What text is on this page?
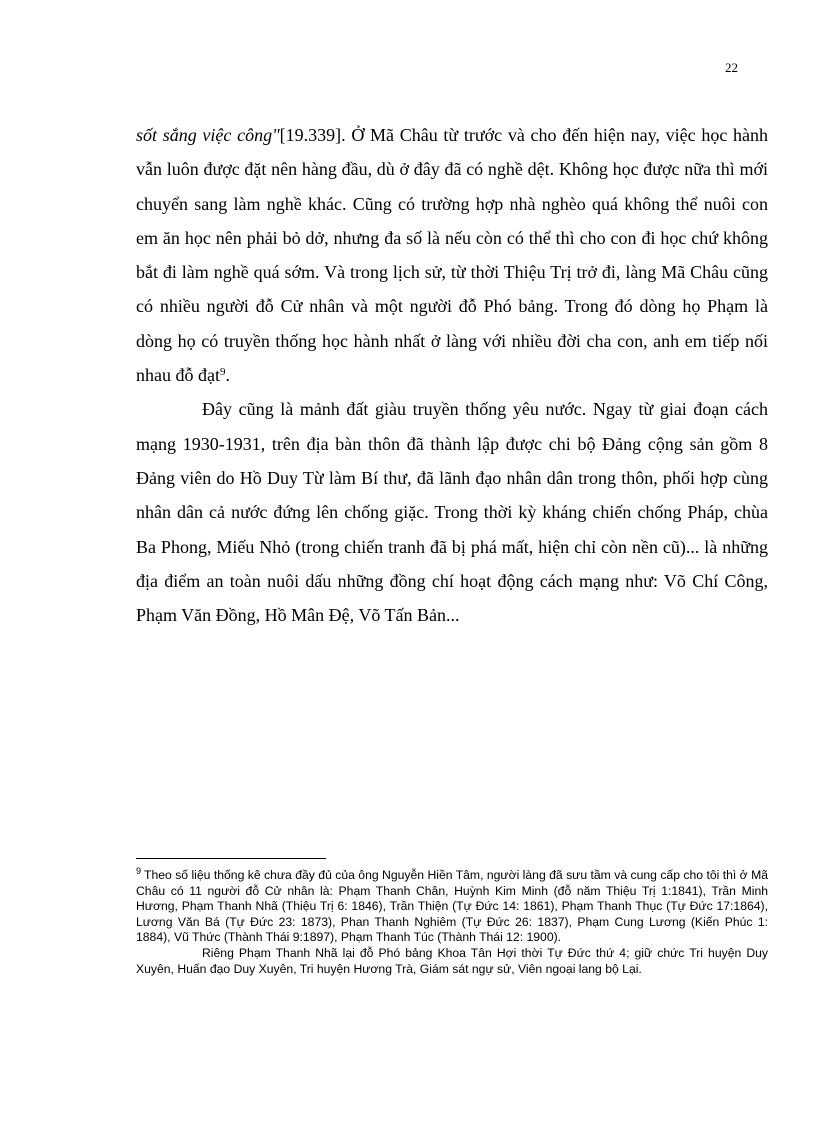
22

sốt sắng việc công"[19.339]. Ở Mã Châu từ trước và cho đến hiện nay, việc học hành vẫn luôn được đặt nên hàng đầu, dù ở đây đã có nghề dệt. Không học được nữa thì mới chuyển sang làm nghề khác. Cũng có trường hợp nhà nghèo quá không thể nuôi con em ăn học nên phải bỏ dở, nhưng đa số là nếu còn có thể thì cho con đi học chứ không bắt đi làm nghề quá sớm. Và trong lịch sử, từ thời Thiệu Trị trở đi, làng Mã Châu cũng có nhiều người đỗ Cử nhân và một người đỗ Phó bảng. Trong đó dòng họ Phạm là dòng họ có truyền thống học hành nhất ở làng với nhiều đời cha con, anh em tiếp nối nhau đỗ đạt$^9$.

Đây cũng là mảnh đất giàu truyền thống yêu nước. Ngay từ giai đoạn cách mạng 1930-1931, trên địa bàn thôn đã thành lập được chi bộ Đảng cộng sản gồm 8 Đảng viên do Hồ Duy Từ làm Bí thư, đã lãnh đạo nhân dân trong thôn, phối hợp cùng nhân dân cả nước đứng lên chống giặc. Trong thời kỳ kháng chiến chống Pháp, chùa Ba Phong, Miếu Nhỏ (trong chiến tranh đã bị phá mất, hiện chỉ còn nền cũ)... là những địa điểm an toàn nuôi dấu những đồng chí hoạt động cách mạng như: Võ Chí Công, Phạm Văn Đồng, Hồ Mân Đệ, Võ Tấn Bản...

$^9$ Theo số liệu thống kê chưa đầy đủ của ông Nguyễn Hiền Tâm, người làng đã sưu tầm và cung cấp cho tôi thì ở Mã Châu có 11 người đỗ Cử nhân là: Phạm Thanh Chân, Huỳnh Kim Minh (đỗ năm Thiệu Trị 1:1841), Trần Minh Hương, Phạm Thanh Nhã (Thiệu Trị 6: 1846), Trần Thiện (Tự Đức 14: 1861), Phạm Thanh Thục (Tự Đức 17:1864), Lương Văn Bá (Tự Đức 23: 1873), Phan Thanh Nghiêm (Tự Đức 26: 1837), Phạm Cung Lương (Kiến Phúc 1: 1884), Vũ Thức (Thành Thái 9:1897), Phạm Thanh Túc (Thành Thái 12: 1900).

Riêng Phạm Thanh Nhã lại đỗ Phó bảng Khoa Tân Hợi thời Tự Đức thứ 4; giữ chức Tri huyện Duy Xuyên, Huấn đạo Duy Xuyên, Tri huyện Hương Trà, Giám sát ngự sử, Viên ngoại lang bộ Lại.
